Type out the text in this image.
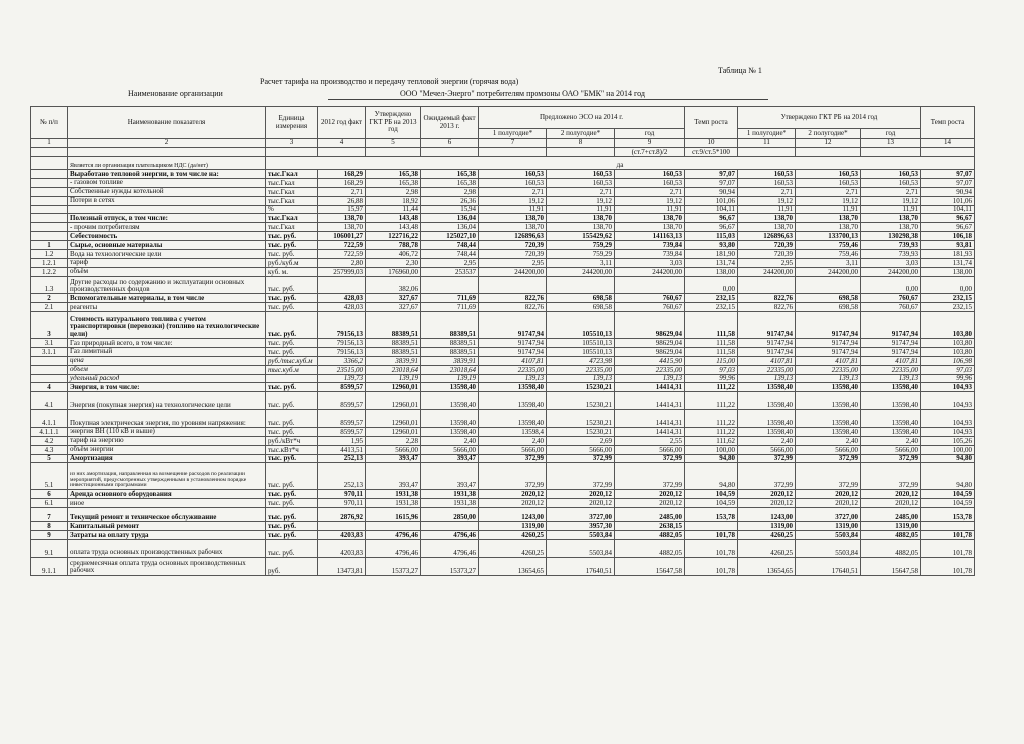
Таблица № 1
Расчет тарифа на производство и передачу тепловой энергии (горячая вода)
Наименование организации	ООО "Мечел-Энерго" потребителям промзоны ОАО "БМК" на 2014 год
№ п/п	Наименование показателя	Единица измерения	2012 год факт	Утверждено ГКТ РБ на 2013 год	Ожидаемый факт 2013 г.	Предложено ЭСО на 2014 г.			Темп роста	Утверждено ГКТ РБ на 2014 год			Темп роста
						1 полугодие*	2 полугодие*	год		1 полугодие*	2 полугодие*	год	
1	2	3	4	5	6	7	8	9	10	11	12	13	14
								(ст.7+ст.8)/2	ст.9/ст.5*100				
	Является ли организация плательщиком НДС (да/нет)	да											
	Выработано тепловой энергии, в том числе на:	тыс.Гкал	168,29	165,38	165,38	160,53	160,53	160,53	97,07	160,53	160,53	160,53	97,07
	- газовом топливе	тыс.Гкал	168,29	165,38	165,38	160,53	160,53	160,53	97,07	160,53	160,53	160,53	97,07
	Собственные нужды котельной	тыс.Гкал	2,71	2,98	2,98	2,71	2,71	2,71	90,94	2,71	2,71	2,71	90,94
	Потери в сетях	тыс.Гкал	26,88	18,92	26,36	19,12	19,12	19,12	101,06	19,12	19,12	19,12	101,06
		%	15,97	11,44	15,94	11,91	11,91	11,91	104,11	11,91	11,91	11,91	104,11
	Полезный отпуск, в том числе:	тыс.Гкал	138,70	143,48	136,04	138,70	138,70	138,70	96,67	138,70	138,70	138,70	96,67
	- прочим потребителям	тыс.Гкал	138,70	143,48	136,04	138,70	138,70	138,70	96,67	138,70	138,70	138,70	96,67
	Себестоимость	тыс. руб.	106001,27	122716,22	125027,10	126896,63	155429,62	141163,13	115,03	126896,63	133700,13	130298,38	106,18
1	Сырье, основные материалы	тыс. руб.	722,59	788,78	748,44	720,39	759,29	739,84	93,80	720,39	759,46	739,93	93,81
1.2	Вода на технологические цели	тыс. руб.	722,59	406,72	748,44	720,39	759,29	739,84	181,90	720,39	759,46	739,93	181,93
1.2.1	тариф	руб./куб.м	2,80	2,30	2,95	2,95	3,11	3,03	131,74	2,95	3,11	3,03	131,74
1.2.2	объём	куб. м.	257999,03	176960,00	253537	244200,00	244200,00	244200,00	138,00	244200,00	244200,00	244200,00	138,00
1.3	Другие расходы по содержанию и эксплуатации основных производственных фондов	тыс. руб.		382,06					0,00			0,00	0,00
2	Вспомогательные материалы, в том числе	тыс. руб.	428,03	327,67	711,69	822,76	698,58	760,67	232,15	822,76	698,58	760,67	232,15
2.1	реагенты	тыс. руб.	428,03	327,67	711,69	822,76	698,58	760,67	232,15	822,76	698,58	760,67	232,15
3	Стоимость натурального топлива с учетом транспортировки (перевозки) (топливо на технологические цели)	тыс. руб.	79156,13	88389,51	88389,51	91747,94	105510,13	98629,04	111,58	91747,94	91747,94	91747,94	103,80
3.1	Газ природный всего, в том числе:	тыс. руб.	79156,13	88389,51	88389,51	91747,94	105510,13	98629,04	111,58	91747,94	91747,94	91747,94	103,80
3.1.1	Газ лимитный	тыс. руб.	79156,13	88389,51	88389,51	91747,94	105510,13	98629,04	111,58	91747,94	91747,94	91747,94	103,80
	цена	руб./тыс.куб.м	3366,2	3839,91	3839,91	4107,81	4723,98	4415,90	115,00	4107,81	4107,81	4107,81	106,98
	объем	тыс.куб.м	23515,00	23018,64	23018,64	22335,00	22335,00	22335,00	97,03	22335,00	22335,00	22335,00	97,03
	удельный расход		139,73	139,19	139,19	139,13	139,13	139,13	99,96	139,13	139,13	139,13	99,96
4	Энергия, в том числе:	тыс. руб.	8599,57	12960,01	13598,40	13598,40	15230,21	14414,31	111,22	13598,40	13598,40	13598,40	104,93
4.1	Энергия (покупная энергия) на технологические цели	тыс. руб.	8599,57	12960,01	13598,40	13598,40	15230,21	14414,31	111,22	13598,40	13598,40	13598,40	104,93
4.1.1	Покупная электрическая энергия, по уровням напряжения:	тыс. руб.	8599,57	12960,01	13598,40	13598,40	15230,21	14414,31	111,22	13598,40	13598,40	13598,40	104,93
4.1.1.1	энергия ВН (110 кВ и выше)	тыс. руб.	8599,57	12960,01	13598,40	13598,4	15230,21	14414,31	111,22	13598,40	13598,40	13598,40	104,93
4.2	тариф на энергию	руб./кВт*ч	1,95	2,28	2,40	2,40	2,69	2,55	111,62	2,40	2,40	2,40	105,26
4.3	объём энергии	тыс.кВт*ч	4413,51	5666,00	5666,00	5666,00	5666,00	5666,00	100,00	5666,00	5666,00	5666,00	100,00
5	Амортизация	тыс. руб.	252,13	393,47	393,47	372,99	372,99	372,99	94,80	372,99	372,99	372,99	94,80
5.1	из них амортизация, направленная на возмещение расходов по реализации мероприятий, предусмотренных утвержденными в установленном порядке инвестиционными программами	тыс. руб.	252,13	393,47	393,47	372,99	372,99	372,99	94,80	372,99	372,99	372,99	94,80
6	Аренда основного оборудования	тыс. руб.	970,11	1931,38	1931,38	2020,12	2020,12	2020,12	104,59	2020,12	2020,12	2020,12	104,59
6.1	иное	тыс. руб.	970,11	1931,38	1931,38	2020,12	2020,12	2020,12	104,59	2020,12	2020,12	2020,12	104,59
7	Текущий ремонт и техническое обслуживание	тыс. руб.	2876,92	1615,96	2850,00	1243,00	3727,00	2485,00	153,78	1243,00	3727,00	2485,00	153,78
8	Капитальный ремонт	тыс. руб.				1319,00	3957,30	2638,15		1319,00	1319,00	1319,00	
9	Затраты на оплату труда	тыс. руб.	4203,83	4796,46	4796,46	4260,25	5503,84	4882,05	101,78	4260,25	5503,84	4882,05	101,78
9.1	оплата труда основных производственных рабочих	тыс. руб.	4203,83	4796,46	4796,46	4260,25	5503,84	4882,05	101,78	4260,25	5503,84	4882,05	101,78
9.1.1	среднемесячная оплата труда основных производственных рабочих	руб.	13473,81	15373,27	15373,27	13654,65	17640,51	15647,58	101,78	13654,65	17640,51	15647,58	101,78
